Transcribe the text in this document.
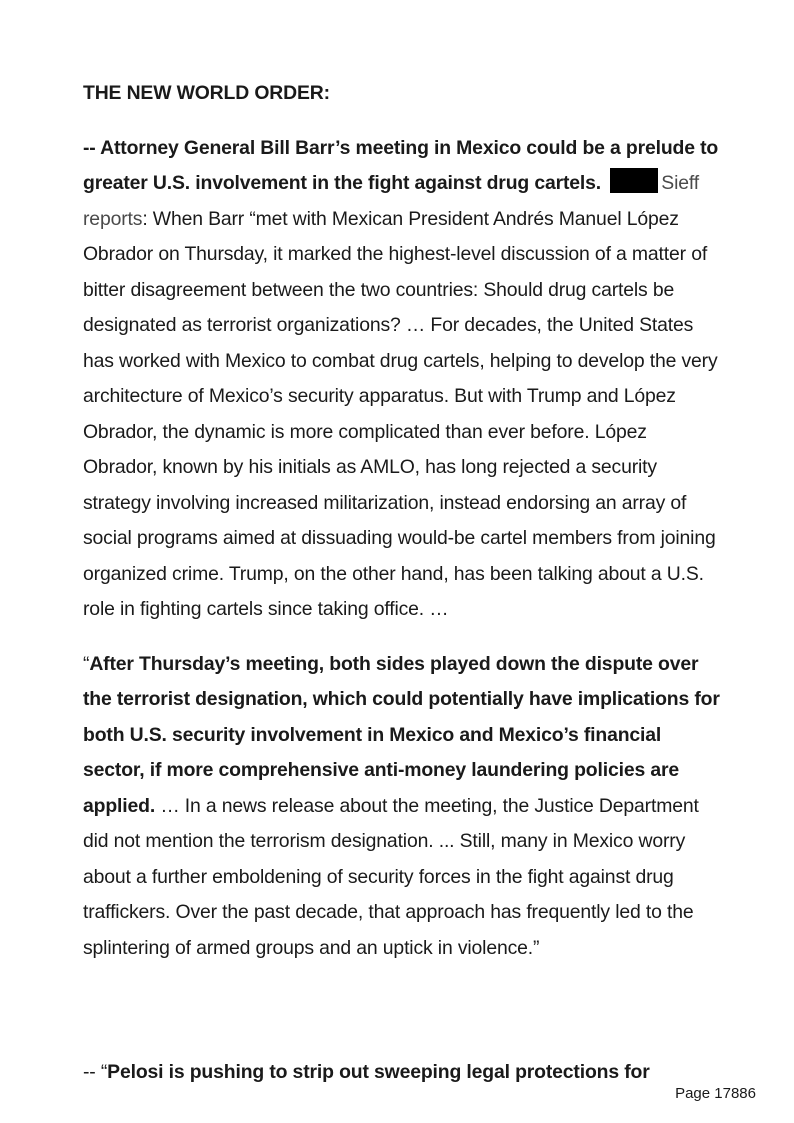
THE NEW WORLD ORDER:

-- Attorney General Bill Barr’s meeting in Mexico could be a prelude to greater U.S. involvement in the fight against drug cartels.	Sieff reports: When Barr “met with Mexican President Andrés Manuel López Obrador on Thursday, it marked the highest-level discussion of a matter of bitter disagreement between the two countries: Should drug cartels be designated as terrorist organizations? … For decades, the United States has worked with Mexico to combat drug cartels, helping to develop the very architecture of Mexico’s security apparatus. But with Trump and López Obrador, the dynamic is more complicated than ever before. López Obrador, known by his initials as AMLO, has long rejected a security strategy involving increased militarization, instead endorsing an array of social programs aimed at dissuading would-be cartel members from joining organized crime. Trump, on the other hand, has been talking about a U.S. role in fighting cartels since taking office. …

“After Thursday’s meeting, both sides played down the dispute over the terrorist designation, which could potentially have implications for both U.S. security involvement in Mexico and Mexico’s financial sector, if more comprehensive anti-money laundering policies are applied. … In a news release about the meeting, the Justice Department did not mention the terrorism designation. ... Still, many in Mexico worry about a further emboldening of security forces in the fight against drug traffickers. Over the past decade, that approach has frequently led to the splintering of armed groups and an uptick in violence.”

-- “Pelosi is pushing to strip out sweeping legal protections for
Page 17886
